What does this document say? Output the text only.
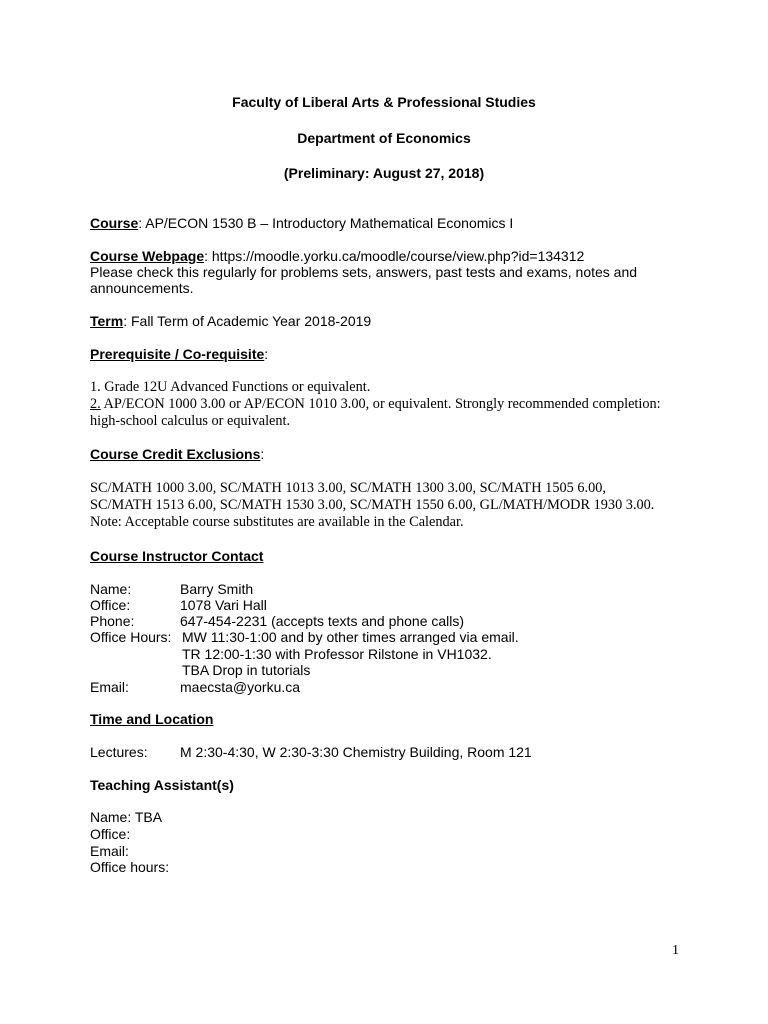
Faculty of Liberal Arts & Professional Studies
Department of Economics
(Preliminary: August 27, 2018)
Course: AP/ECON 1530 B – Introductory Mathematical Economics I
Course Webpage: https://moodle.yorku.ca/moodle/course/view.php?id=134312
Please check this regularly for problems sets, answers, past tests and exams, notes and
announcements.
Term: Fall Term of Academic Year 2018-2019
Prerequisite / Co-requisite:
1. Grade 12U Advanced Functions or equivalent.
2. AP/ECON 1000 3.00 or AP/ECON 1010 3.00, or equivalent. Strongly recommended completion:
high-school calculus or equivalent.
Course Credit Exclusions:
SC/MATH 1000 3.00, SC/MATH 1013 3.00, SC/MATH 1300 3.00, SC/MATH 1505 6.00,
SC/MATH 1513 6.00, SC/MATH 1530 3.00, SC/MATH 1550 6.00, GL/MATH/MODR 1930 3.00.
Note: Acceptable course substitutes are available in the Calendar.
Course Instructor Contact
Name:	Barry Smith
Office:	1078 Vari Hall
Phone:	647-454-2231 (accepts texts and phone calls)
Office Hours: MW 11:30-1:00 and by other times arranged via email.
TR 12:00-1:30 with Professor Rilstone in VH1032.
TBA Drop in tutorials
Email:	maecsta@yorku.ca
Time and Location
Lectures: M 2:30-4:30, W 2:30-3:30 Chemistry Building, Room 121
Teaching Assistant(s)
Name: TBA
Office:
Email:
Office hours:
1
